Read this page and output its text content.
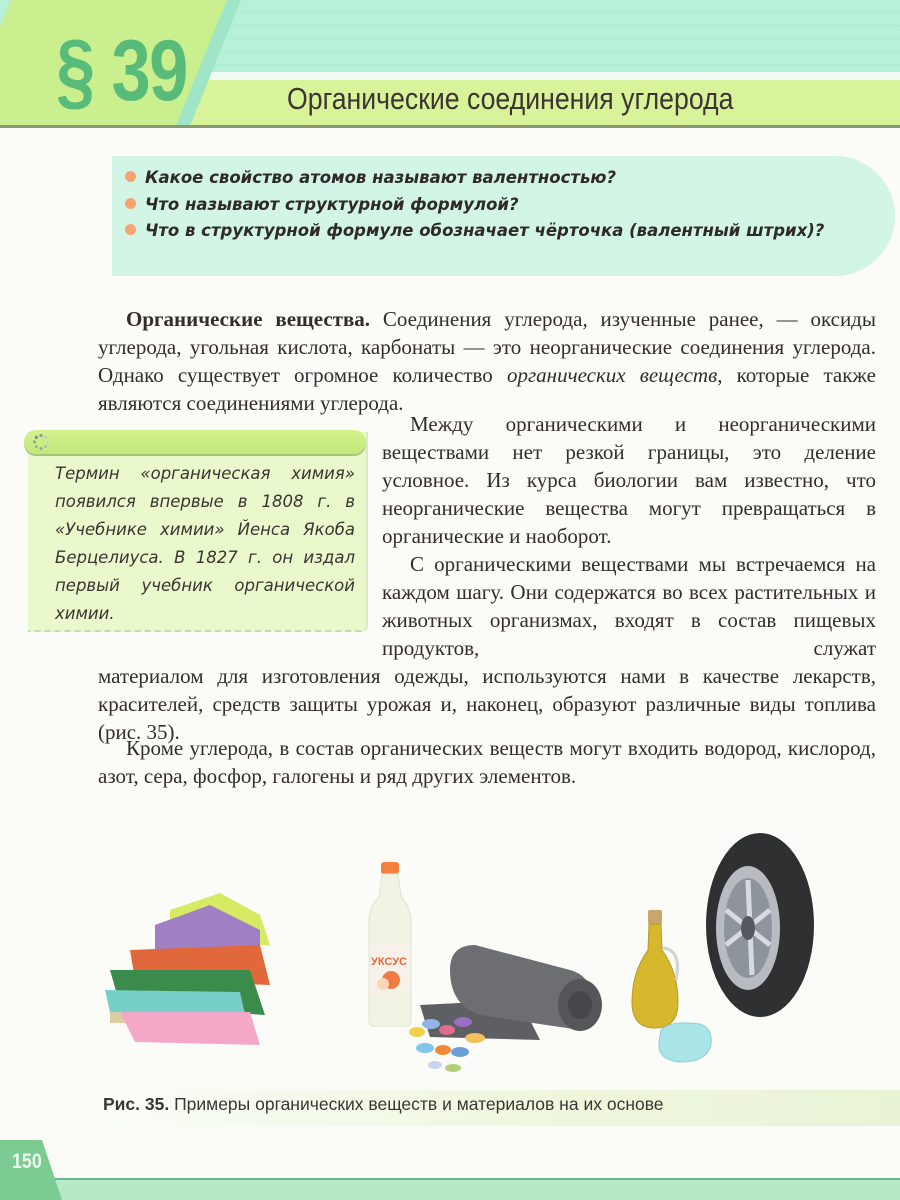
§ 39	Органические соединения углерода
Какое свойство атомов называют валентностью?
Что называют структурной формулой?
Что в структурной формуле обозначает чёрточка (валентный штрих)?

Органические вещества. Соединения углерода, изученные ранее, — оксиды углерода, угольная кислота, карбонаты — это неорганические соединения углерода. Однако существует огромное количество органических веществ, которые также являются соединениями углерода.

Термин «органическая химия» появился впервые в 1808 г. в «Учебнике химии» Йенса Якоба Берцелиуса. В 1827 г. он издал первый учебник органической химии.

Между органическими и неорганическими веществами нет резкой границы, это деление условное. Из курса биологии вам известно, что неорганические вещества могут превращаться в органические и наоборот.

С органическими веществами мы встречаемся на каждом шагу. Они содержатся во всех растительных и животных организмах, входят в состав пищевых продуктов, служат

материалом для изготовления одежды, используются нами в качестве лекарств, красителей, средств защиты урожая и, наконец, образуют различные виды топлива (рис. 35).

Кроме углерода, в состав органических веществ могут входить водород, кислород, азот, сера, фосфор, галогены и ряд других элементов.

УКСУС
Рис. 35. Примеры органических веществ и материалов на их основе
150
